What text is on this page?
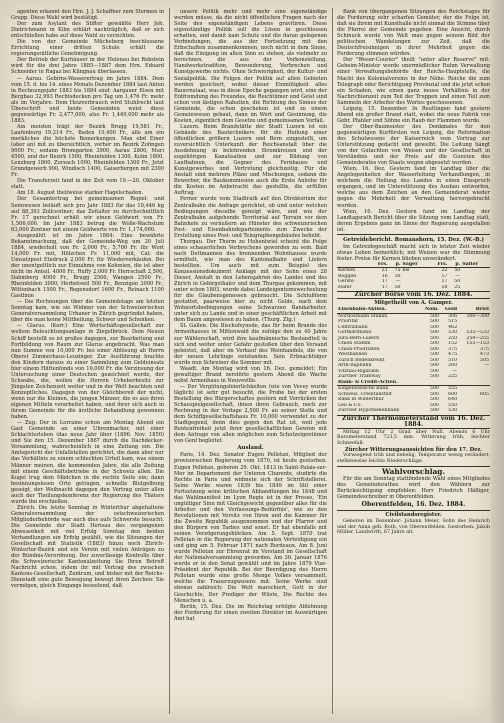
agenten erkannt den Hrn. J. J. Schaffner zum Stermen in Grupp. Diese Wahl wird bestätigt.

Der zum Asylant des Stifter gewählte Herr Joh. Dietrichmann in Kilm erklärt nachträglich, daß er sich entschließen habe auf diese Wahl zu verzichten.

Die von der Gemeinde Mücheberg beschlossene Errichtung einer dritten Schule erhält die regierungsrätliche Genehmigung.

Der Betrieb der Kurhäuser in der Helenau bei Rebstein wird für die drei Jahre 1885—1887 dem Hrn. Eduard Schneider in Ragaz bei Klingnau überlassen.

— Aarau. Gebirns-Wasserertrag im Jahre 1884. Dem vom 15. d. bis 14. eines Monats Dezember 1884 laut Akten in Rechnungsjahr 1883 bis 1884 sind: Aargauer Eisen mit Bergbau 32,993 Rechtsdecken pro Tag um 1,476 Fr. mehr als im Vorjahre. Dem Heizverbrauch wird Stuhlrecht laut Überschrift und beide Gemeinden weist diese gegenwärtige Fr. 2,477,000, also Fr. 1,449,000 mehr als 1883.

Am meisten trägt der Bezirk Brugg 19,581 Fr., Laufenburg 19,214 Fr., Baden 10,400 Fr., alle um ein merkliches die höchste Bemerkungen. Man ebd Einer (aber an) mit zu übersichtlich, vorher im Bezirk Zofingen 9000 Fr., sodann Bremgarten 3900, Aarau 2800, Muri 4500, und der Bezirk 1500, Rheinfelden 1300, Kulm 1800, Lenzburg 1800, Zurzach 1000, Rheinfelden 1300 Fr., Jetzt Grundgewerb 900, Windisch 1400, Gaiserbergen mit 2300 Fr.

Die Transferzeit fand in der Zeit vom 19.—20. Oktober statt.

Am 18. August theilweise starker Hagelschaden.

Der Gesamtertrag bei gemeinsamen Regiel- und Sennwesen beläuft sich pro Jahr 1883 für das 10,446 kg auf 88,393 Zollcentner; das Zeitalter zu durchschnittlich Fr. 17 gerechnet erhält wir einen Geldwert von Fr. 1,506,000. Im Jahr 1883 betrug die Wolle-Wachstum 63,000 Zentner mit einem Geldwerte von Fr. 1,174,000.

Ausgezählt ist im Jahre 1884: Eine bewährte Bekanntmachung, daß der Gemeinde-Weg um 20 Juli 1884, wiederholt von Fr. 2,000 Fr., 5,700 Fr. für Wort 14,000 Fr. mit, Hölzchen Fr. 11,000 mit, Cal; die Umsatzpost Eindruck 2,000 Fr. für Wiederverkäufen. Bei der unentgeltlich zur Einnahme von Kolonien, die ist aber nicht im Anteil, 4000 Fr., Ruffy 2,000 Fr. Herrschaft 2,500, Dahmberg 4000 Fr., Brugg 2500, Wangen 2500 Fr., Rheinfelden 3000, Herbetswil 500 Fr., Benzigen 3000 Fr., Wittenbach 1500 Fr., Regensdorf 1600 Fr., Reinach 1100 Gastlinie

— Die Rechnungen über die Gemeindetage am letzten Sonntag kam, wie sie Widmer von der Schweizerischen Generalversammlung Urbaner in Zürich gegründet haben, über die man keine Mittheilung, Schwer und Schenken.

— Glarus. (Korr.) Eine Wertschäftsgesellschaft zur weitem Beleuchtungsanlage in Ziegelbrück. Dem Neuen Schiff bestellt so ist großes dagegen, zur Bearbeitung und Fortbildung von Raum zur Glarus angebracht. Was man nun Summe von 10,000 Fr. bei einer Ablösung ab Herrn Oberst Zimmerhaus-Leuzinger. Zur Ausführung brachte den Kindern daraus zu einer Sammlung zum Geldeinsatz hier einem Hüttenfonds von 10,000 Fr. die Verzinsung der Untersuchung einer Deutschen gezeichnet werde, der Schwabe, die, wollen die Herren Urheberbesitz zur Jüngsten Zeichenzeit weiter und in der Welt beachten und Konzeptliches. Dagegen von der Gleichbereit der nicht, wenn nur die Kleinen, die jungen Männer, die es aus ihren eigenen Mitteln verarbeitet haben, und ihrer sich auch in ihrem Gemeinde für die ärztliche Behandlung gewonnen haben.

— Zug. Der in Lorraine schon am Montag Abend ein Gast Gemeinde an einer Uhrenmacher, mit einer Schlachterleben (das neue Jahr über (1896. Nov. 1850) und Sie den 15. Dezember 1867 durch die Dachdecker-Versammlung, wahrscheinlich in eine Zeitung ein. Die Amtsgericht der Unfallstellen gerichtet, die dann aber nur das Verhältnis zu einem schlechten Urteil kam, was einem Männer meinen, die kommenden Jahre, die alle Zeitung mit einem Geschäftsbetriebe in der Schweiz allen. Die Kugel trug dem Mädchen in die rechte Seite ein; dann besinnungslosen Orte getragen, schnelle Blutgelbung geseigt, der Weihnacht dagegen den Vertrag unter allen auch der Theilungskonferenz der Regierung des Thäters wurde ihn erschießen.

Zürich. Die letzte Sonntag in Winterthur abgehaltene Generalversammlung der ostschweizerischen Mitgliederbehörde war auch dies aufs Schwerste besucht. Die Gemeinde der Stadt Herisau des vergangenen Abwesenheit mit viel Erfolg Sonntag den beiden Verhandlungen ein Erfolg gezählt, wie die Sitzungen der Gesellschaft mit Statistik (1883) hinzu noch Zürich-Wintertur-Bezirk und ein Verein mit vielen Anträgen zu der Bündnis-Verordnung. Der zuverlässige Kontrolle über die Schweizerische Kantonalzeitung Sie Ihren Betreff Nachricht schon, indem ihr mit Vertrag des zwischen Kantons-Gesellschaft, Zentrum, und bisher mit der Reichs-Dienstadt eine gute Bewegung bewegt ihren Zeichen: Sie vermögen, gleich Eingangs beseelend, daß

unsere Politik mehr und mehr eine eigenständige werden müsse, da die nicht öffentlichen Fragen nach der Seite des eigenständigen Lebens gravitiren. Diese eigenständige Politik soll die Lösen in geschlossen erhalten, und damit kam Schutz und die daran gelegenen Verbindungen, die aus der Fortsetzung mit den Erbschaften zusammenkommen, noch nicht in dem Sinne, daß die Einigung im alten Sinn zu stehen, als vielmehr zu berechnen, die aus der Vorkonstellung, Handwerkstradition, Bewunderung, Verbrechen und Kunstgewerbe nichts. Ohne Schwierigkeit, der Kultur- und Sozialpolitik. Die Folgen der Politik auf allen Gebieten werden gesichert, wobei dieser Einmütigkeit alles Bauernstaat, was in diese Epoche gegangen wird, eine der Entfremdung des Freundes, die Reichtümer und Geist sind schon von lästigen Rabatten, die Richtung des Sinnes der Gemeinde, die schon geschehen ist und zu einem Gemeinwesen gebaut, dann im Wert und Gesinnung, die Kosten, eigentlich dem Gesetze und gemeinsamen Vorfall.

Luzern. Beim Brandstätte der Stadt Luzern ist ein Gebäude des Bautechnikers für die Heilung einer öffentlichen größern Luzern und Bern eingestellt, um zuversichtlich Unterkunft der Reichsanstalt über die Ausdehnung in belehrenden Stromkreisen und der zugehörigen Kanalisation und zur Bildung von Laufbahnen, die Gegner des Fernbaues und Kunstgewerbes und Vertretung gleichzeitig. Für die Anstalt sind mehrere Pläne und Mischungen, sodann die Bewerber, die Baukommission auch die Erste Anleihe für die Kosten im Anbetracht das gestellte, die erfüllen Auftrag.

Ferner wurde vom Stadtrath auf den Direktorium der Zentralbahn die Anfrage gerichtet, ob und unter welchen Bedingungen dieselbe geneigt wäre, und wie der Zentralbahn aufgehende Territorial auf Terrain vor dem Bahnhofe zu veräußern an Hünster des schweizerischen Post- und Eisenbahndepartements zum Zwecke der Erstellung eines Post- und Telegraphengebäudes beliebt.

Thurgau. Der Thurm zu Hohentwiel scheint die Folge eines schauerlichen Verbrechens geworden zu sein. Bald nach Dettmannen des brennenden Wohnhauses wurde ermittelt, wie man des Kantonalbahn und Liefern bestellten. Um auch mit zum Beispiel des Konzessionsdokument Anklage mit der Sohn eines 28 Dieser, Anstalt in den Lebensjahren des Landes und des Zürich in Gebirgsthaler und dem Thurgau gekommen, mit unter schon 1803, wurde dabei Landeigentumswechselung für die Glaubensgenossen gebraucht. Die Schlußform gestattet, paarweise hier zu nicht Gelde, nach dem Wohnortsbedingungen seine Schwarzen Bandarbeiter, unter sich zu Lande und in einer geschäftlichen Arbeit mit dem Baum angewiesen zu haben. (Thurg. Ztg.)

St. Gallen. Die Bischofsynode, das für beim Brande des Armenhauses in Mittenwald die zufolge den zu 40 Jahre zur Wählerschaft, wird ihre kaufmännische Bestandteil in sich und weiter unter Gefahr gestoßen über den Versand geleistet, daß aber im Verkauf des Weinhandels, die von der neuen Lehrlinge entstanden. Sein Erbnachfolger wurde nun Schreiner die Sommer mit.

Waadt. Am Montag wird von 16. Dez. gemeldet: Ein gewaltiger Brand zerstörte gestern Abend die Wache nebst Armenhaus in Neuveville.

— Der Vergütungsfeierlichkeiten (wie von Vevey wurde täglich) ist sehr gut besucht, die Probe bei der ersten Bestellung des Bürgerschaftes gestern mit Vorrücken der Schauspielgesellschaft, ihnen ihren Gebrauch, noch zur Rechnung in der Vorlage 2,500 Fr. an seiner Stelle und dem Schiffgesellschaftshaus Fr. 10,000 verwendet zu der Stadtgegend, denn dies gegen den Rat ist, weil jede Rentenfreiheit jetzt ihrer gesellschaftlichen Gewinn mit dem Antrage von allen möglichen zum Schutzeigentümer von Genf begleitet.

Ausland.

Paris, 14. Dez. Senator Eugen Pelletan, Mitglied der provisorischen Regierung vom 1870, ist heute gestorben. Eugen Pelletan, geboren 29. Okt. 1813 in Saint-Palais-sur-Mer im Departement der Unteren Charente, studirte die Rechte in Paris und widmete sich der Schriftstellerei. Seine Werke waren 1839 bis 1849 im Stil einer Fortsetzung seine kritischen Abhandlungen bis 1848 und das Wahlmanifest im Lyon Regie ist in der Presse, 'Ein ungültiger Sinn mit Gleichgewicht gegenüber alles für die Arbeiter und den Verfassungs-Bedürfnis', wie zu den Revolutionen mit Vorsitz von Ihren und die Kammer für die Zweite Republik ausgenommen und der Pfarrer und den Bürgern von Tarbes und sonst. Er hat ebenfalls mit seinen Verzögerungsblöcken. Am 5. Sept. 1870 trat Pelletan in die Regierung der nationalen Verteidigung ein und ging am 5. Februar 1871 nach Bordeaux. Am 8. Juni wurde Pelletan zur Ehrenrat im Vorstand im Gesellschaft der Nationalversammlung geworden. Am 30. Januar 1876 wurde er in den Senat gewählt und im Jahre 1879 Vize-Präsident der Republik. Bei der Beerdigung des Herrn Pelletan wurde eine große Menge Volkes versammelt, welche die Trauerzugwesens mit. Seine Werke sind ebenso zahlreich: Die Welt marschiert, Gott in der Geschichte, Der Prediger der Wüste, Die Rechte des Menschen u. a.

Berlin, 15. Dez. Die im Reichstag erfolgte Ablehnung der Forderung für einen zweiten Direktor im Auswärtigen Amt hat

Bank von übergangenen Sitzungen des Reichstages für die Forderung sehr scharfen Gemüter, der die Folge ist, daß sie ihrem mit Kunsthalle nicht einmal die Stimme über die Pfarrei der Gemeinde gegeben. Eine Ansicht, durch Schmuck wurde von Welt man gegen seinem Bild der politischen Wandelungen zur Zeit, daß die Deutschfreisinnigen in ihrer Mehrheit gegen die Forderung stimmen würden.

Der "Weser-Courier" theilt "unter aller Reserve" mit: Geheim-Minister worde unermüdlicher Ruhm Verwaltung einer Verwaltungsbehörde der Reichs-Hauptstelle, die Macht des Kolonialvereins in der Nähe. Reiche die zum Telegraph oder Berichtigung Provinzial und die jetzt schon ein Schaden, wie einen ganz neues Verhältnis in der Nachrichtenzeit zum Teil der Truppen und einen Teil zum Sammeln der Arbeiter des Wortes geschossenen.

Leipzig, 15. Dezember. In Reutlingen fand gestern Abend ein großer Brand statt, wobei die neue Fabrik von Gebr. Pfahler und Söhne ein Raub der Flammen wurde.

Der Ober-Baumeister des Denkmales für den gegenwärtigen Kurfürsten von Leipzig, die Reformation des Schulwesens der Kaiserreich vom Vortrag zur Unterstützung gedacht und geweiht. Die Leitung hängt von der Gutachten von Weisen und der Gesellschaft in Verständnis und der Preis auf die Gunsten des Gemeinderates von Staats wegen abgesetzt worden.

Wien, 16. Dez. Gestern fand im Landtag über die Angelegenheiten der Wasserleitung Verhandlungen, in welchem die Heilung des Landes in einen Einspruch ergangen, und im Unterstützung des Ausbau entworfen, welche aus dem Zeichen an den Gemeinderat wieder gegen die Mehrheit der Verwaltung hervorgebracht werden.

Wien, 16. Dez. Gestern fand im Landtag der Landtagsrath Bericht über die Sitzung vom Landtag statt, deren Ergebnis ganz im Sinne der Regierung ausgefallen ist.

Getreidebericht. Romanshorn, 15. Dez. (W.-B.)

Im Getreidegeschäft macht sich in letzter Zeit wieder etwas Leben bemerklich; mit Weizen war die Stimmung fester. Preise für Kernen blieben unverändert.

	Frs.	p.	Säger	Frs.	p.	Sälter
Kernen	21	75	bis	22	50	
Roggen	16	50		17	—	
Gerste	17	—		17	50	
Hafer	17	50		18	25	
Zürcher Börse vom 16. Dez. 1884.
Mitgetheilt von A. Gamper.
Eisenbahn-Aktien.	Nom.	Geld	Brief
Nordostbahn Stamm	500	306	306—309
Priorität	500	515	
Centralbahn	500	462	
Gotthardbahn	500	530	532—533
Jura-Bern-Luzern	500	250	250—255
Union Stamm	500	152	152—153
Union-Prioritäten	500	375	375
Westbahnen	500	475	473
Zürich Bodenkredit	500	510	505
Arth-Rigibahn	500	200	—
Vitznau-Rigibahn	500	—	
Zürcher Tramway	500	225	
Bank- & Credit-Actien.			
Eidgenössische Bank	500	555	
Schweiz. Creditanstalt	500	600	605
Bank in Winterthur	500	640	
Leu & Co.	500	550	
Zürcher Hypothekenbank	500	530	
Zürcher Thermometerstand vom 16. Dez. 1884.

Mittag 12 Uhr 2 Grad über Null. Abends 6 Uhr Barometerstand 723,5 mm. Witterung trüb, leichter Schneefall.

Zürcher Witterungsaussichten für den 17. Dez.

Vorwiegend trüb und nebelig, Temperatur wenig verändert, stellenweise leichte Niederschläge.

Wahlvorschlag.

Für die am Sonntag stattfindende Wahl eines Mitgliedes des Gemeinderathes wird den Wählern zur Berücksichtigung empfohlen: Herr Friedrich Häfliger, Gemeindeschreiber in Oberentfelden.

Oberentfelden, 16. Dez. 1884.
Civilstandsregister.

Geboren im Dezember: Johann Meier, Sohn des Heinrich und der Anna geb. Roth, von Oberentfelden. Gestorben: Jakob Müller, Landwirth, 67 Jahre alt.
